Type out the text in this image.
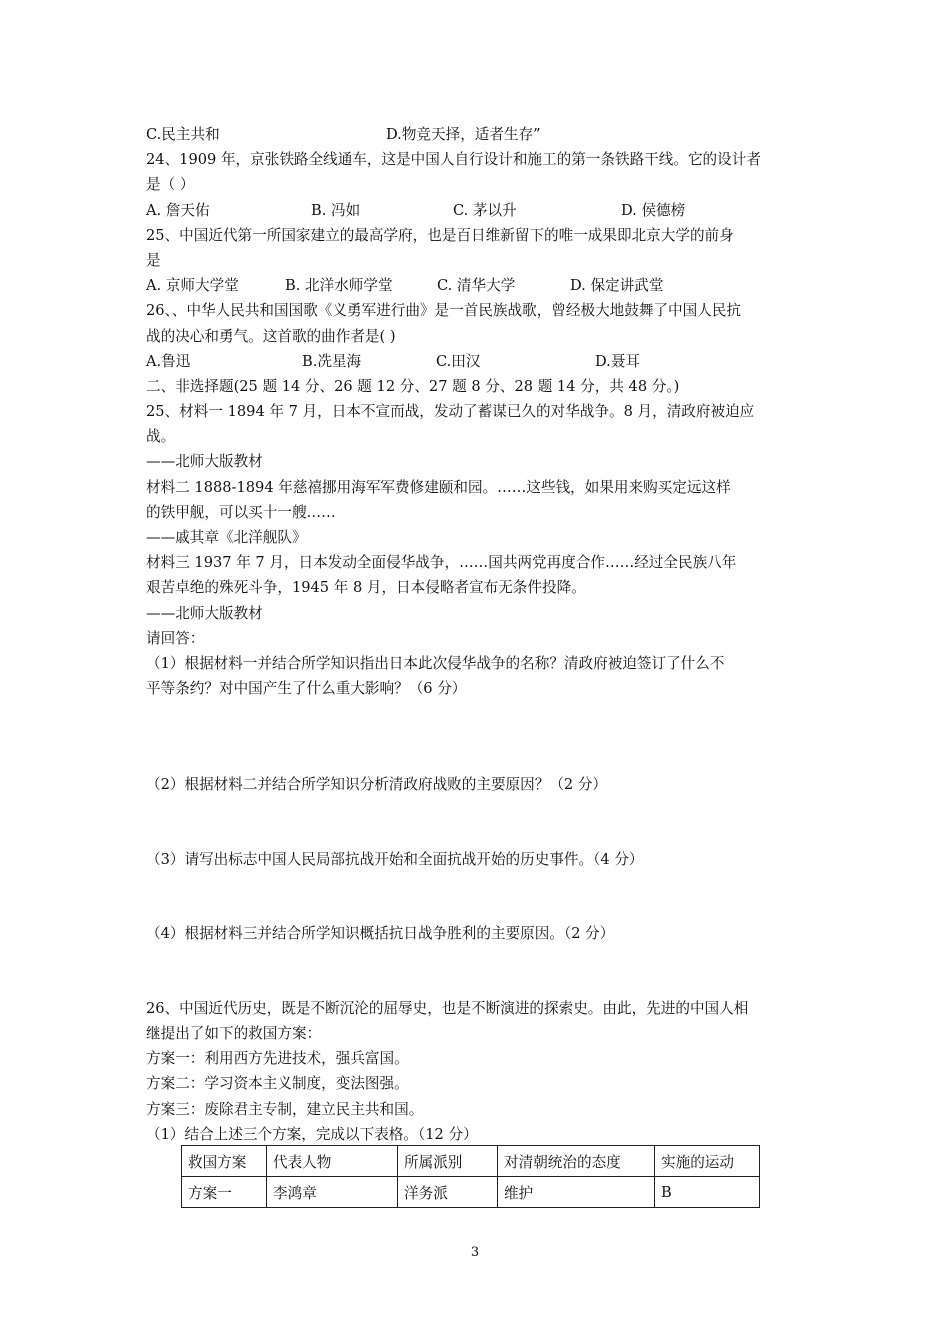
C.民主共和	D.物竞天择，适者生存”
24、1909 年，京张铁路全线通车，这是中国人自行设计和施工的第一条铁路干线。它的设计者
是（ ）
A. 詹天佑	B. 冯如	C. 茅以升	D. 侯德榜
25、中国近代第一所国家建立的最高学府，也是百日维新留下的唯一成果即北京大学的前身
是
A. 京师大学堂	B. 北洋水师学堂	C. 清华大学	D. 保定讲武堂
26、、中华人民共和国国歌《义勇军进行曲》是一首民族战歌，曾经极大地鼓舞了中国人民抗
战的决心和勇气。这首歌的曲作者是( )
A.鲁迅	B.冼星海	C.田汉	D.聂耳
二、非选择题(25 题 14 分、26 题 12 分、27 题 8 分、28 题 14 分，共 48 分。)
25、材料一 1894 年 7 月，日本不宣而战，发动了蓄谋已久的对华战争。8 月，清政府被迫应
战。
——北师大版教材
材料二 1888-1894 年慈禧挪用海军军费修建颐和园。……这些钱，如果用来购买定远这样
的铁甲舰，可以买十一艘……
——戚其章《北洋舰队》
材料三 1937 年 7 月，日本发动全面侵华战争，……国共两党再度合作……经过全民族八年
艰苦卓绝的殊死斗争，1945 年 8 月，日本侵略者宣布无条件投降。
——北师大版教材
请回答：
（1）根据材料一并结合所学知识指出日本此次侵华战争的名称？清政府被迫签订了什么不
平等条约？对中国产生了什么重大影响？（6 分）
（2）根据材料二并结合所学知识分析清政府战败的主要原因？（2 分）
（3）请写出标志中国人民局部抗战开始和全面抗战开始的历史事件。（4 分）
（4）根据材料三并结合所学知识概括抗日战争胜利的主要原因。（2 分）
26、中国近代历史，既是不断沉沦的屈辱史，也是不断演进的探索史。由此，先进的中国人相
继提出了如下的救国方案：
方案一：利用西方先进技术，强兵富国。
方案二：学习资本主义制度，变法图强。
方案三：废除君主专制，建立民主共和国。
（1）结合上述三个方案，完成以下表格。（12 分）
救国方案	代表人物	所属派别	对清朝统治的态度	实施的运动
方案一	李鸿章	洋务派	维护	B
3
